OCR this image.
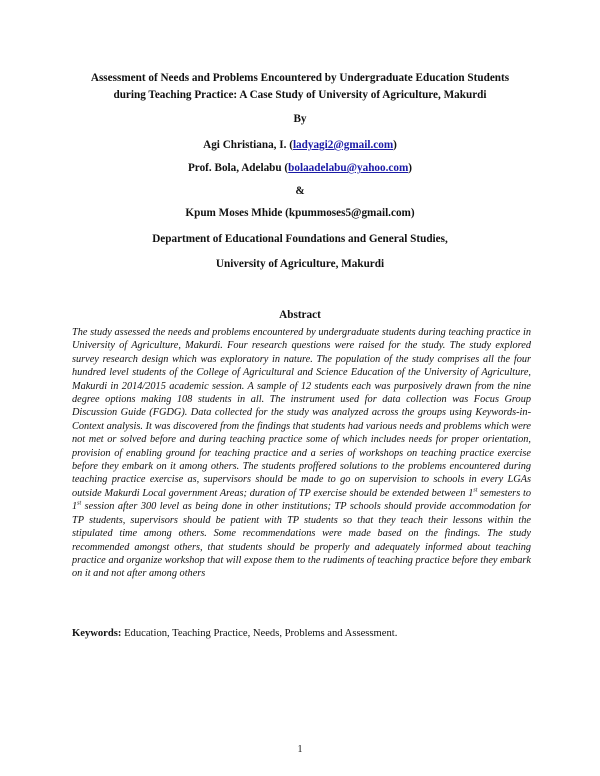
Assessment of Needs and Problems Encountered by Undergraduate Education Students
during Teaching Practice: A Case Study of University of Agriculture, Makurdi
By
Agi Christiana, I. (ladyagi2@gmail.com)
Prof. Bola, Adelabu (bolaadelabu@yahoo.com)
&
Kpum Moses Mhide (kpummoses5@gmail.com)
Department of Educational Foundations and General Studies,
University of Agriculture, Makurdi
Abstract

The study assessed the needs and problems encountered by undergraduate students during teaching practice in University of Agriculture, Makurdi. Four research questions were raised for the study. The study explored survey research design which was exploratory in nature. The population of the study comprises all the four hundred level students of the College of Agricultural and Science Education of the University of Agriculture, Makurdi in 2014/2015 academic session. A sample of 12 students each was purposively drawn from the nine degree options making 108 students in all. The instrument used for data collection was Focus Group Discussion Guide (FGDG). Data collected for the study was analyzed across the groups using Keywords-in-Context analysis. It was discovered from the findings that students had various needs and problems which were not met or solved before and during teaching practice some of which includes needs for proper orientation, provision of enabling ground for teaching practice and a series of workshops on teaching practice exercise before they embark on it among others. The students proffered solutions to the problems encountered during teaching practice exercise as, supervisors should be made to go on supervision to schools in every LGAs outside Makurdi Local government Areas; duration of TP exercise should be extended between 1st semesters to 1st session after 300 level as being done in other institutions; TP schools should provide accommodation for TP students, supervisors should be patient with TP students so that they teach their lessons within the stipulated time among others. Some recommendations were made based on the findings. The study recommended amongst others, that students should be properly and adequately informed about teaching practice and organize workshop that will expose them to the rudiments of teaching practice before they embark on it and not after among others

Keywords: Education, Teaching Practice, Needs, Problems and Assessment.
1
